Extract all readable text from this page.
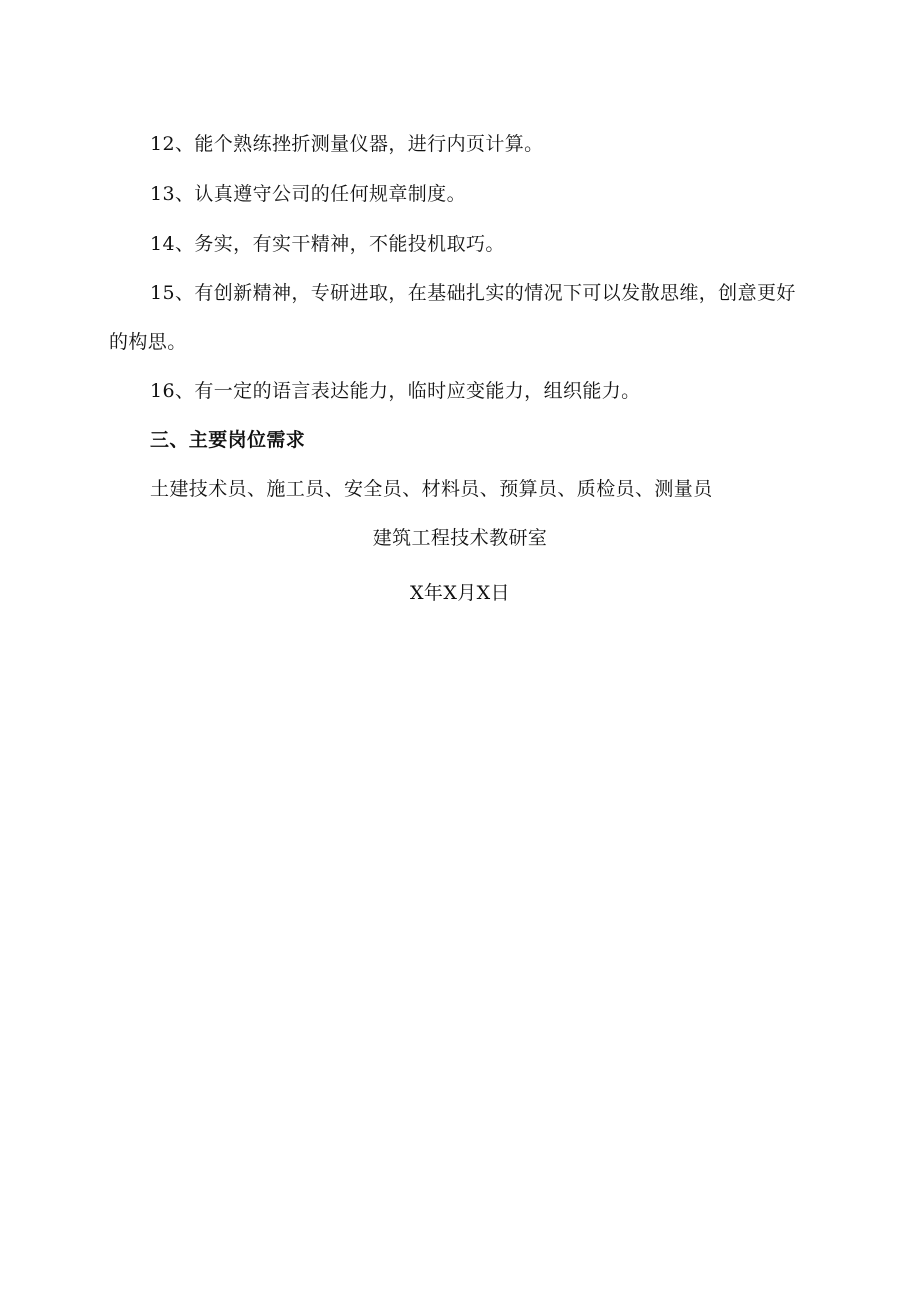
12、能个熟练挫折测量仪器，进行内页计算。
13、认真遵守公司的任何规章制度。
14、务实，有实干精神，不能投机取巧。
15、有创新精神，专研进取，在基础扎实的情况下可以发散思维，创意更好
的构思。
16、有一定的语言表达能力，临时应变能力，组织能力。
三、主要岗位需求
土建技术员、施工员、安全员、材料员、预算员、质检员、测量员
建筑工程技术教研室
X年X月X日
